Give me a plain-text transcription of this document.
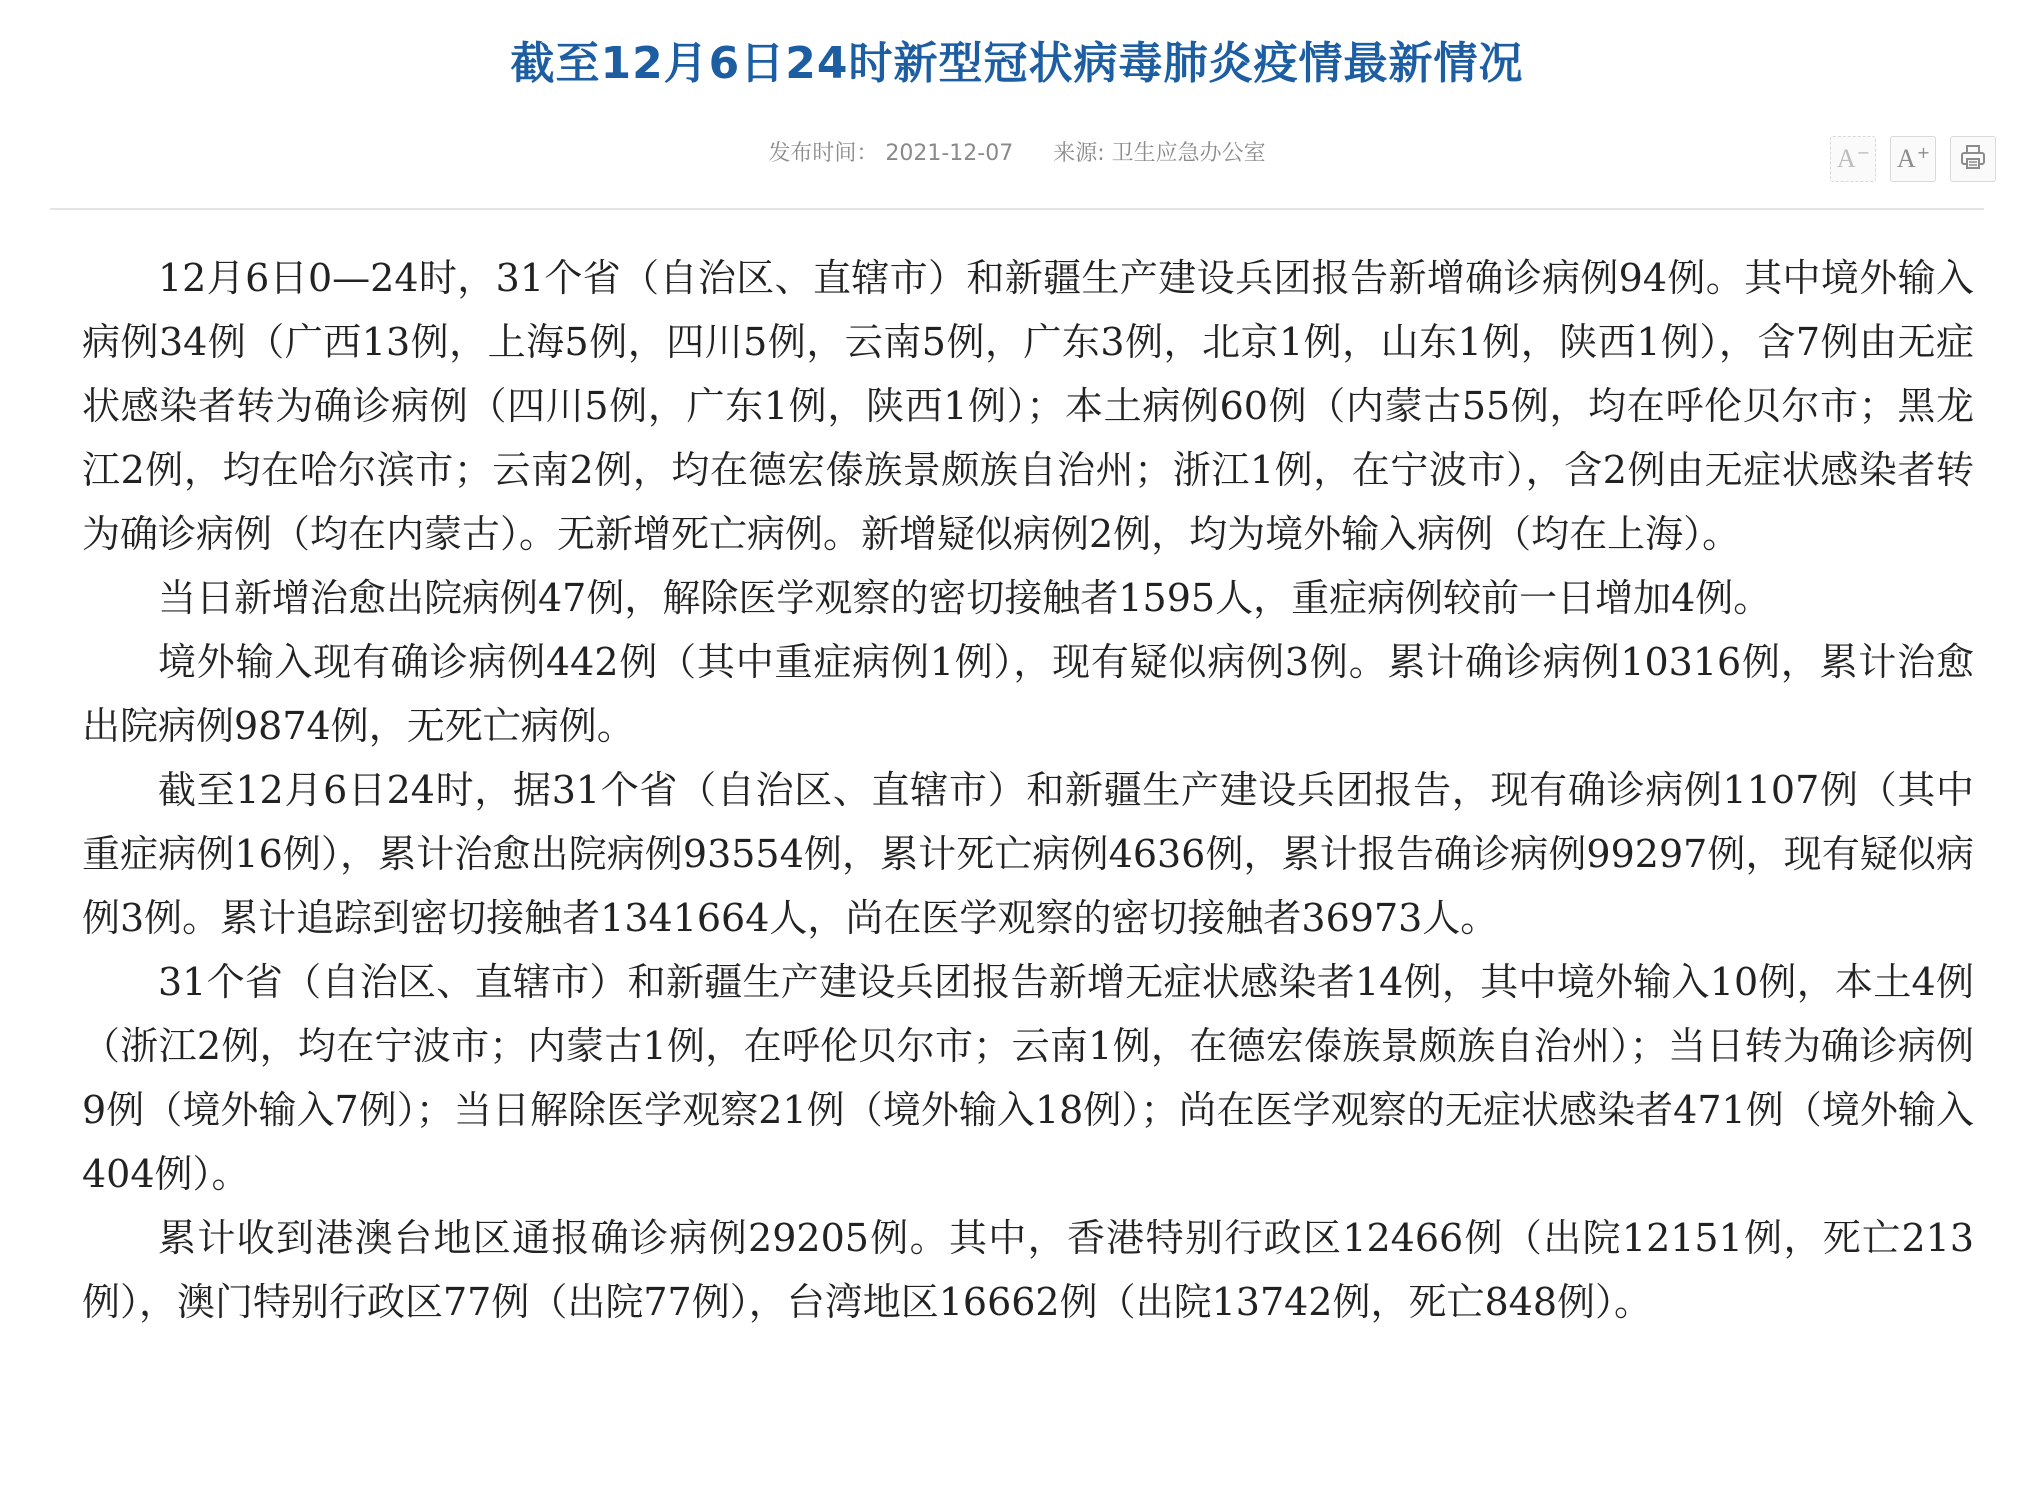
截至12月6日24时新型冠状病毒肺炎疫情最新情况
发布时间： 2021-12-07 来源: 卫生应急办公室	A− A+

12月6日0—24时，31个省（自治区、直辖市）和新疆生产建设兵团报告新增确诊病例94例。其中境外输入病例34例（广西13例，上海5例，四川5例，云南5例，广东3例，北京1例，山东1例，陕西1例），含7例由无症状感染者转为确诊病例（四川5例，广东1例，陕西1例）；本土病例60例（内蒙古55例，均在呼伦贝尔市；黑龙江2例，均在哈尔滨市；云南2例，均在德宏傣族景颇族自治州；浙江1例，在宁波市），含2例由无症状感染者转为确诊病例（均在内蒙古）。无新增死亡病例。新增疑似病例2例，均为境外输入病例（均在上海）。

当日新增治愈出院病例47例，解除医学观察的密切接触者1595人，重症病例较前一日增加4例。

境外输入现有确诊病例442例（其中重症病例1例），现有疑似病例3例。累计确诊病例10316例，累计治愈出院病例9874例，无死亡病例。

截至12月6日24时，据31个省（自治区、直辖市）和新疆生产建设兵团报告，现有确诊病例1107例（其中重症病例16例），累计治愈出院病例93554例，累计死亡病例4636例，累计报告确诊病例99297例，现有疑似病例3例。累计追踪到密切接触者1341664人，尚在医学观察的密切接触者36973人。

31个省（自治区、直辖市）和新疆生产建设兵团报告新增无症状感染者14例，其中境外输入10例，本土4例（浙江2例，均在宁波市；内蒙古1例，在呼伦贝尔市；云南1例，在德宏傣族景颇族自治州）；当日转为确诊病例9例（境外输入7例）；当日解除医学观察21例（境外输入18例）；尚在医学观察的无症状感染者471例（境外输入404例）。

累计收到港澳台地区通报确诊病例29205例。其中，香港特别行政区12466例（出院12151例，死亡213例），澳门特别行政区77例（出院77例），台湾地区16662例（出院13742例，死亡848例）。
